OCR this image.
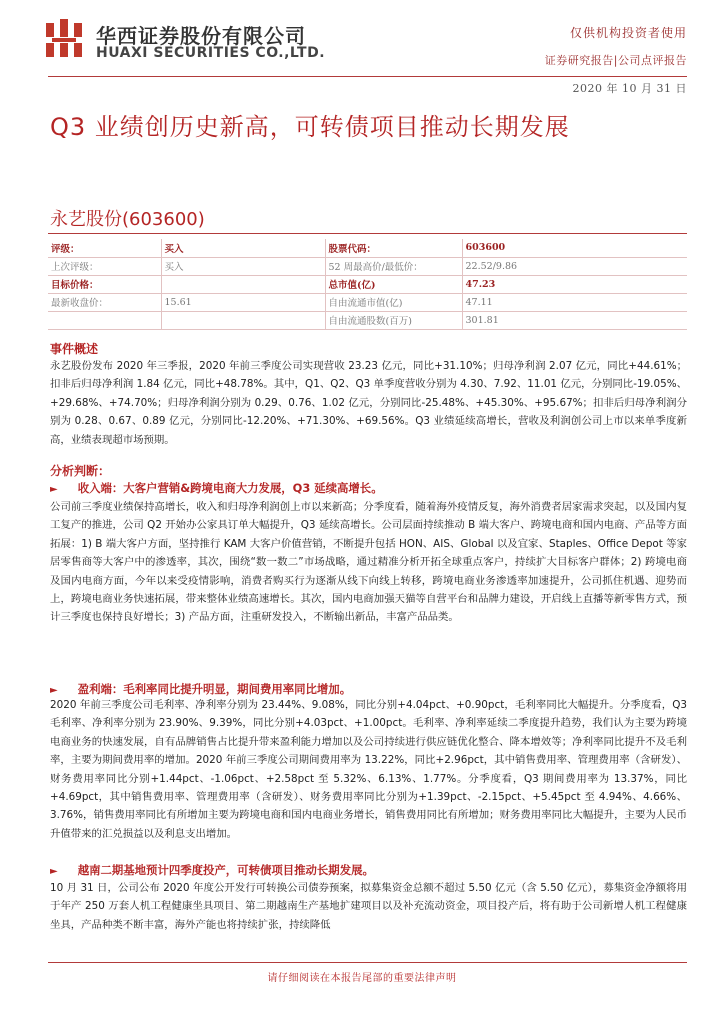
华西证券股份有限公司
HUAXI SECURITIES CO.,LTD.
仅供机构投资者使用
证券研究报告|公司点评报告
2020 年 10 月 31 日
Q3 业绩创历史新高，可转债项目推动长期发展
永艺股份(603600)
评级：	买入	股票代码：	603600
上次评级：	买入	52 周最高价/最低价：	22.52/9.86
目标价格：		总市值(亿)	47.23
最新收盘价：	15.61	自由流通市值(亿)	47.11
		自由流通股数(百万)	301.81
事件概述
永艺股份发布 2020 年三季报，2020 年前三季度公司实现营收 23.23 亿元，同比+31.10%；归母净利润 2.07 亿元，同比+44.61%；扣非后归母净利润 1.84 亿元，同比+48.78%。其中，Q1、Q2、Q3 单季度营收分别为 4.30、7.92、11.01 亿元，分别同比-19.05%、+29.68%、+74.70%；归母净利润分别为 0.29、0.76、1.02 亿元，分别同比-25.48%、+45.30%、+95.67%；扣非后归母净利润分别为 0.28、0.67、0.89 亿元，分别同比-12.20%、+71.30%、+69.56%。Q3 业绩延续高增长，营收及利润创公司上市以来单季度新高，业绩表现超市场预期。
分析判断：
► 收入端：大客户营销&跨境电商大力发展，Q3 延续高增长。
公司前三季度业绩保持高增长，收入和归母净利润创上市以来新高；分季度看，随着海外疫情反复，海外消费者居家需求突起，以及国内复工复产的推进，公司 Q2 开始办公家具订单大幅提升，Q3 延续高增长。公司层面持续推动 B 端大客户、跨境电商和国内电商、产品等方面拓展：1) B 端大客户方面，坚持推行 KAM 大客户价值营销，不断提升包括 HON、AIS、Global 以及宜家、Staples、Office Depot 等家居零售商等大客户中的渗透率，其次，围绕“数一数二”市场战略，通过精准分析开拓全球重点客户，持续扩大目标客户群体；2) 跨境电商及国内电商方面，今年以来受疫情影响，消费者购买行为逐渐从线下向线上转移，跨境电商业务渗透率加速提升，公司抓住机遇、迎势而上，跨境电商业务快速拓展，带来整体业绩高速增长。其次，国内电商加强天猫等自营平台和品牌力建设，开启线上直播等新零售方式，预计三季度也保持良好增长；3) 产品方面，注重研发投入，不断输出新品，丰富产品品类。
► 盈利端：毛利率同比提升明显，期间费用率同比增加。
2020 年前三季度公司毛利率、净利率分别为 23.44%、9.08%，同比分别+4.04pct、+0.90pct，毛利率同比大幅提升。分季度看，Q3 毛利率、净利率分别为 23.90%、9.39%，同比分别+4.03pct、+1.00pct。毛利率、净利率延续二季度提升趋势，我们认为主要为跨境电商业务的快速发展，自有品牌销售占比提升带来盈利能力增加以及公司持续进行供应链优化整合、降本增效等；净利率同比提升不及毛利率，主要为期间费用率的增加。2020 年前三季度公司期间费用率为 13.22%，同比+2.96pct，其中销售费用率、管理费用率（含研发）、财务费用率同比分别+1.44pct、-1.06pct、+2.58pct 至 5.32%、6.13%、1.77%。分季度看，Q3 期间费用率为 13.37%，同比+4.69pct，其中销售费用率、管理费用率（含研发）、财务费用率同比分别为+1.39pct、-2.15pct、+5.45pct 至 4.94%、4.66%、3.76%，销售费用率同比有所增加主要为跨境电商和国内电商业务增长，销售费用同比有所增加；财务费用率同比大幅提升，主要为人民币升值带来的汇兑损益以及利息支出增加。
► 越南二期基地预计四季度投产，可转债项目推动长期发展。
10 月 31 日，公司公布 2020 年度公开发行可转换公司债券预案，拟募集资金总额不超过 5.50 亿元（含 5.50 亿元），募集资金净额将用于年产 250 万套人机工程健康坐具项目、第二期越南生产基地扩建项目以及补充流动资金，项目投产后，将有助于公司新增人机工程健康坐具，产品种类不断丰富，海外产能也将持续扩张，持续降低
请仔细阅读在本报告尾部的重要法律声明
